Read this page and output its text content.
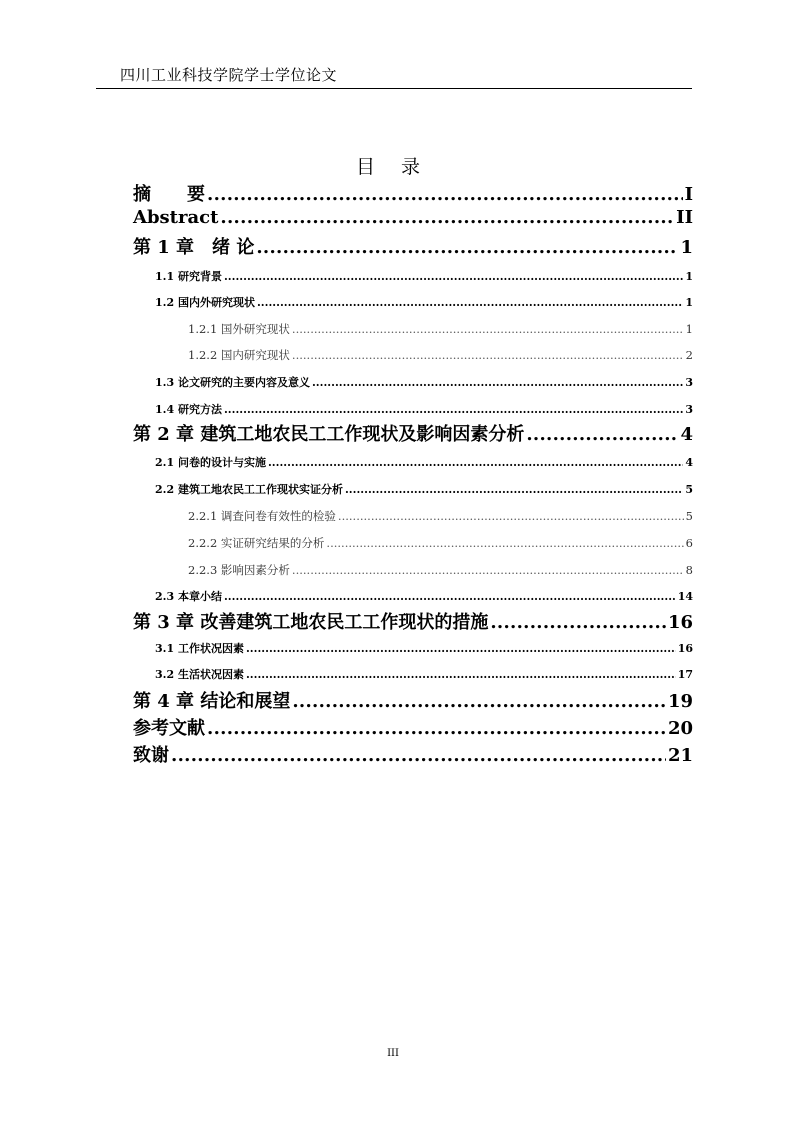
四川工业科技学院学士学位论文
目 录
摘　　要 .....	I
Abstract .....	II
第 1 章　绪 论 .....	1
1.1 研究背景 .....	1
1.2 国内外研究现状 .....	1
1.2.1 国外研究现状 .....	1
1.2.2 国内研究现状 .....	2
1.3 论文研究的主要内容及意义 .....	3
1.4 研究方法 .....	3
第 2 章 建筑工地农民工工作现状及影响因素分析 .....	4
2.1 问卷的设计与实施 .....	4
2.2 建筑工地农民工工作现状实证分析 .....	5
2.2.1 调查问卷有效性的检验 .....	5
2.2.2 实证研究结果的分析 .....	6
2.2.3 影响因素分析 .....	8
2.3 本章小结 .....	14
第 3 章 改善建筑工地农民工工作现状的措施 .....	16
3.1 工作状况因素 .....	16
3.2 生活状况因素 .....	17
第 4 章 结论和展望 .....	19
参考文献 .....	20
致谢 .....	21
III
